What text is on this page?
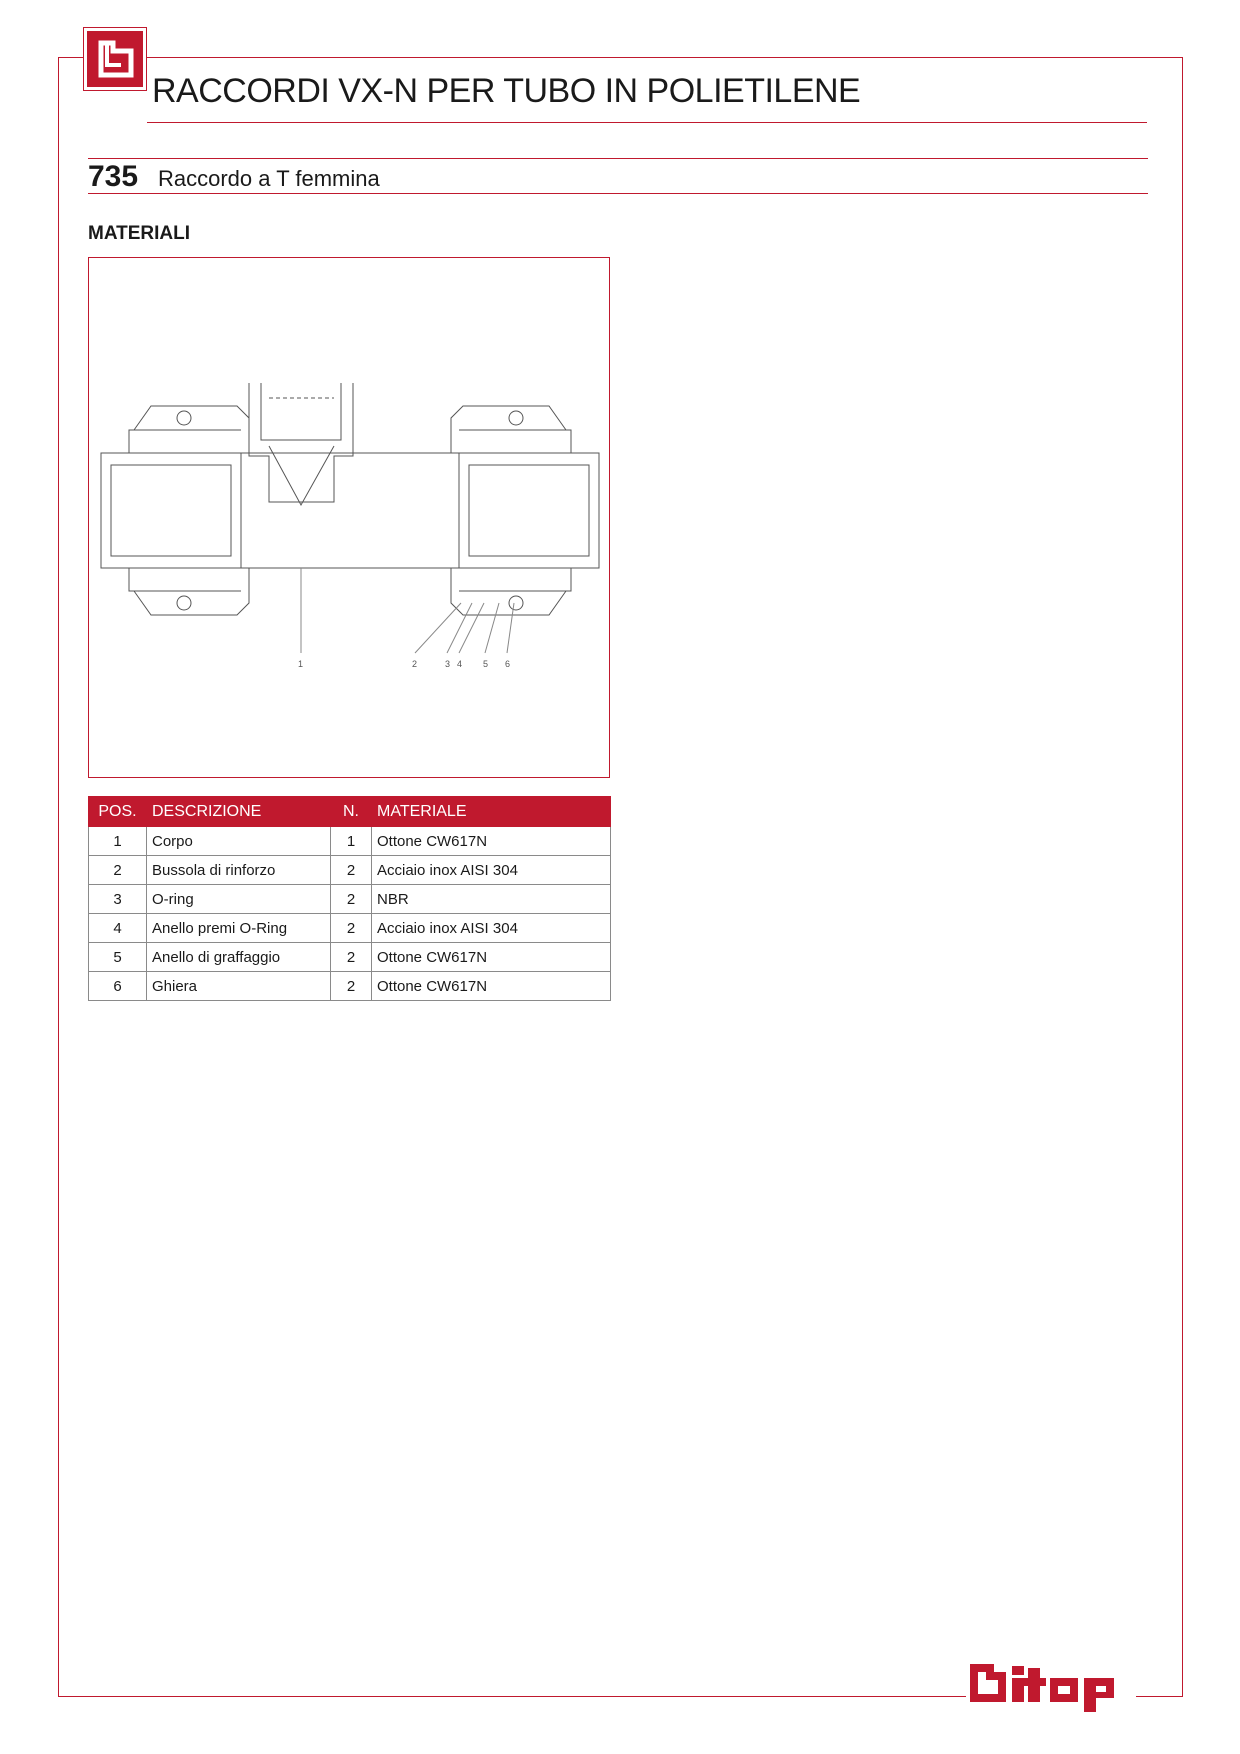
RACCORDI VX-N PER TUBO IN POLIETILENE
735 Raccordo a T femmina
MATERIALI
1	2	3 4 5 6
POS.	DESCRIZIONE	N.	MATERIALE
1	Corpo	1	Ottone CW617N
2	Bussola di rinforzo	2	Acciaio inox AISI 304
3	O-ring	2	NBR
4	Anello premi O-Ring	2	Acciaio inox AISI 304
5	Anello di graffaggio	2	Ottone CW617N
6	Ghiera	2	Ottone CW617N
